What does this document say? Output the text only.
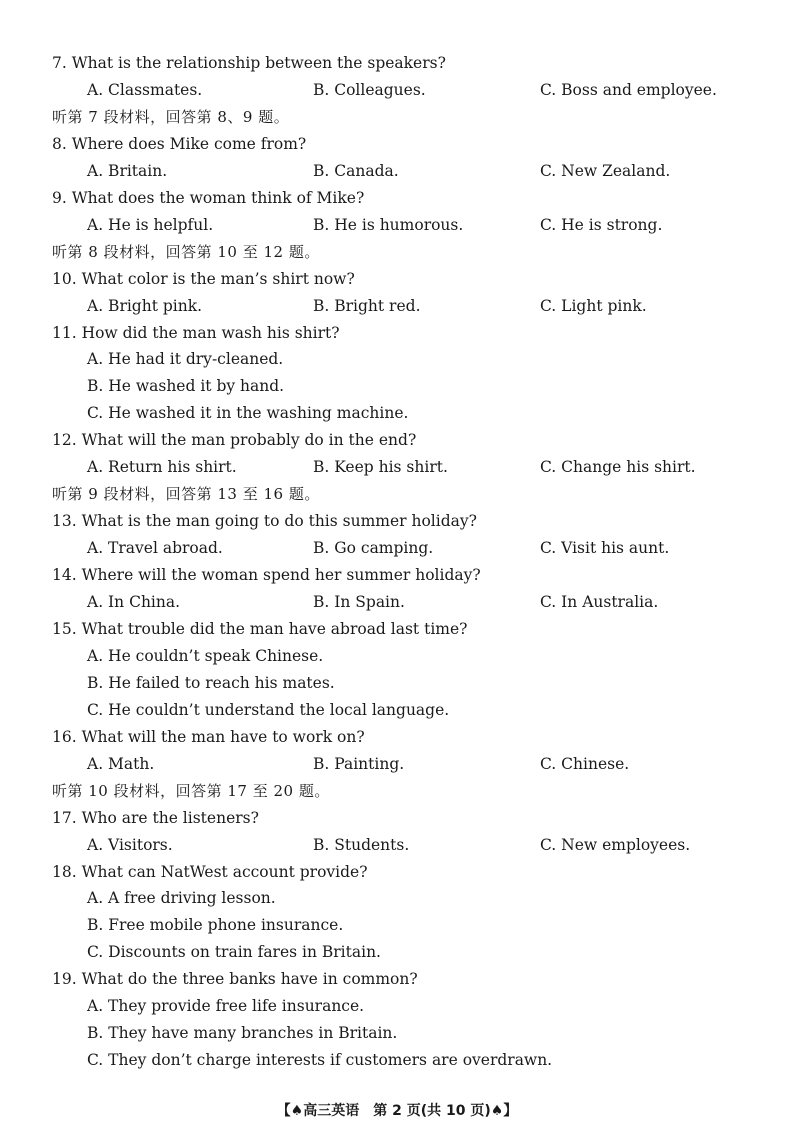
7. What is the relationship between the speakers?
A. Classmates.	B. Colleagues.	C. Boss and employee.
听第 7 段材料，回答第 8、9 题。
8. Where does Mike come from?
A. Britain.	B. Canada.	C. New Zealand.
9. What does the woman think of Mike?
A. He is helpful.	B. He is humorous.	C. He is strong.
听第 8 段材料，回答第 10 至 12 题。
10. What color is the man’s shirt now?
A. Bright pink.	B. Bright red.	C. Light pink.
11. How did the man wash his shirt?
A. He had it dry-cleaned.
B. He washed it by hand.
C. He washed it in the washing machine.
12. What will the man probably do in the end?
A. Return his shirt.	B. Keep his shirt.	C. Change his shirt.
听第 9 段材料，回答第 13 至 16 题。
13. What is the man going to do this summer holiday?
A. Travel abroad.	B. Go camping.	C. Visit his aunt.
14. Where will the woman spend her summer holiday?
A. In China.	B. In Spain.	C. In Australia.
15. What trouble did the man have abroad last time?
A. He couldn’t speak Chinese.
B. He failed to reach his mates.
C. He couldn’t understand the local language.
16. What will the man have to work on?
A. Math.	B. Painting.	C. Chinese.
听第 10 段材料，回答第 17 至 20 题。
17. Who are the listeners?
A. Visitors.	B. Students.	C. New employees.
18. What can NatWest account provide?
A. A free driving lesson.
B. Free mobile phone insurance.
C. Discounts on train fares in Britain.
19. What do the three banks have in common?
A. They provide free life insurance.
B. They have many branches in Britain.
C. They don’t charge interests if customers are overdrawn.
【♠高三英语　第 2 页(共 10 页)♠】
